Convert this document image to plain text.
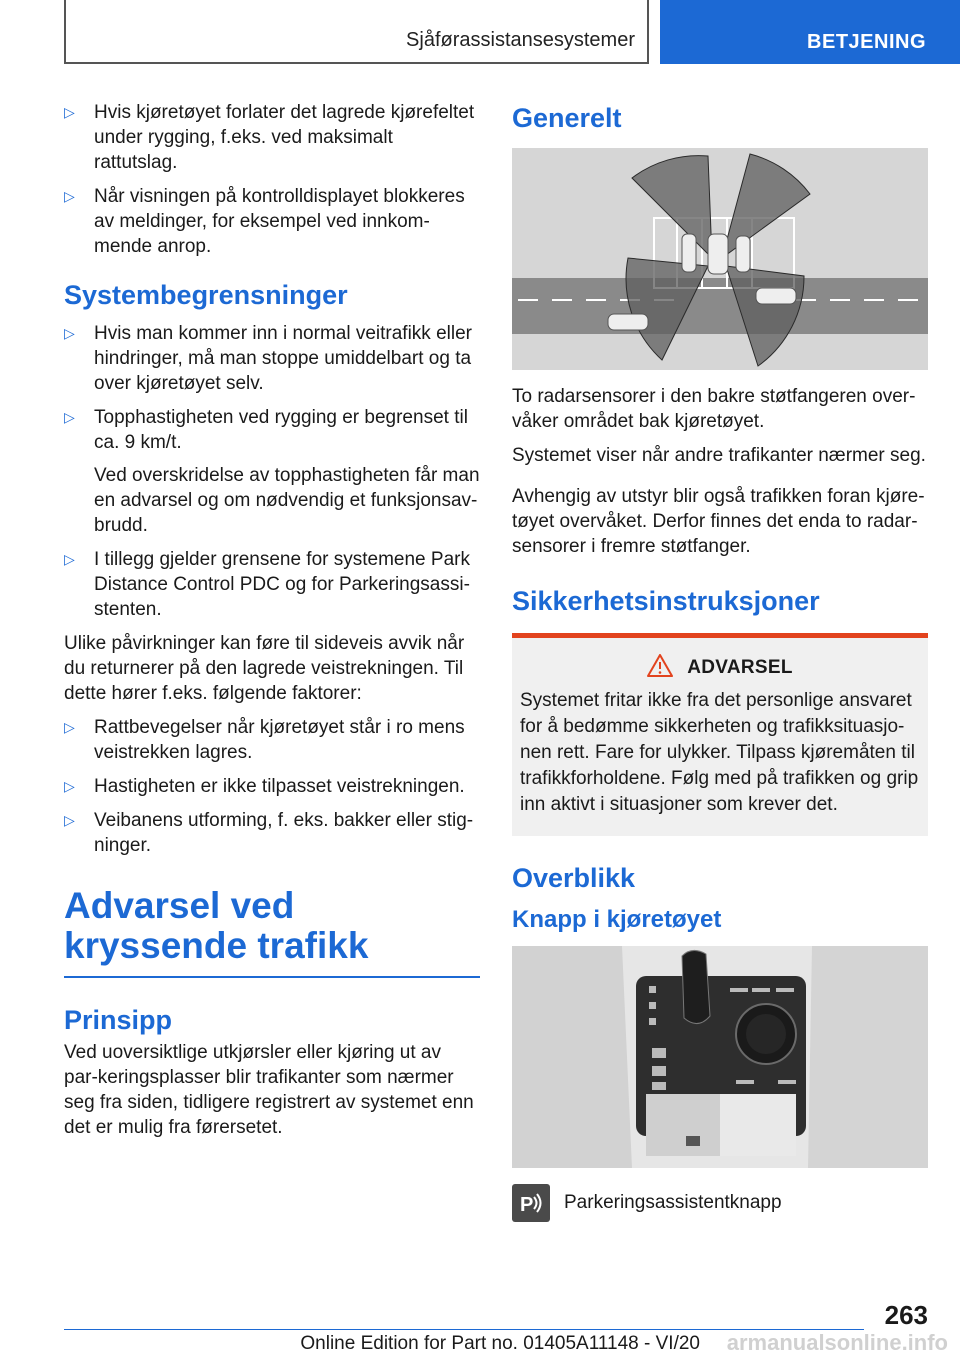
Sjåførassistansesystemer	BETJENING
▷ Hvis kjøretøyet forlater det lagrede kjørefeltet under rygging, f.eks. ved maksimalt rattutslag.
▷ Når visningen på kontrolldisplayet blokkeres av meldinger, for eksempel ved innkom-mende anrop.
Systembegrensninger
▷ Hvis man kommer inn i normal veitrafikk eller hindringer, må man stoppe umiddelbart og ta over kjøretøyet selv.
▷ Topphastigheten ved rygging er begrenset til ca. 9 km/t.

Ved overskridelse av topphastigheten får man en advarsel og om nødvendig et funksjonsav-brudd.

▷ I tillegg gjelder grensene for systemene Park Distance Control PDC og for Parkeringsassi-stenten.

Ulike påvirkninger kan føre til sideveis avvik når du returnerer på den lagrede veistrekningen. Til dette hører f.eks. følgende faktorer:

▷ Rattbevegelser når kjøretøyet står i ro mens veistrekken lagres.
▷ Hastigheten er ikke tilpasset veistrekningen.
▷ Veibanens utforming, f. eks. bakker eller stig-ninger.
Advarsel ved kryssende trafikk
Prinsipp

Ved uoversiktlige utkjørsler eller kjøring ut av par-keringsplasser blir trafikanter som nærmer seg fra siden, tidligere registrert av systemet enn det er mulig fra førersetet.

Generelt

To radarsensorer i den bakre støtfangeren over-våker området bak kjøretøyet.

Systemet viser når andre trafikanter nærmer seg.

Avhengig av utstyr blir også trafikken foran kjøre-tøyet overvåket. Derfor finnes det enda to radar-sensorer i fremre støtfanger.

Sikkerhetsinstruksjoner
ADVARSEL

Systemet fritar ikke fra det personlige ansvaret for å bedømme sikkerheten og trafikksituasjo-nen rett. Fare for ulykker. Tilpass kjøremåten til trafikkforholdene. Følg med på trafikken og grip inn aktivt i situasjoner som krever det.

Overblikk
Knapp i kjøretøyet
P Parkeringsassistentknapp
263
Online Edition for Part no. 01405A11148 - VI/20 armanualsonline.info
